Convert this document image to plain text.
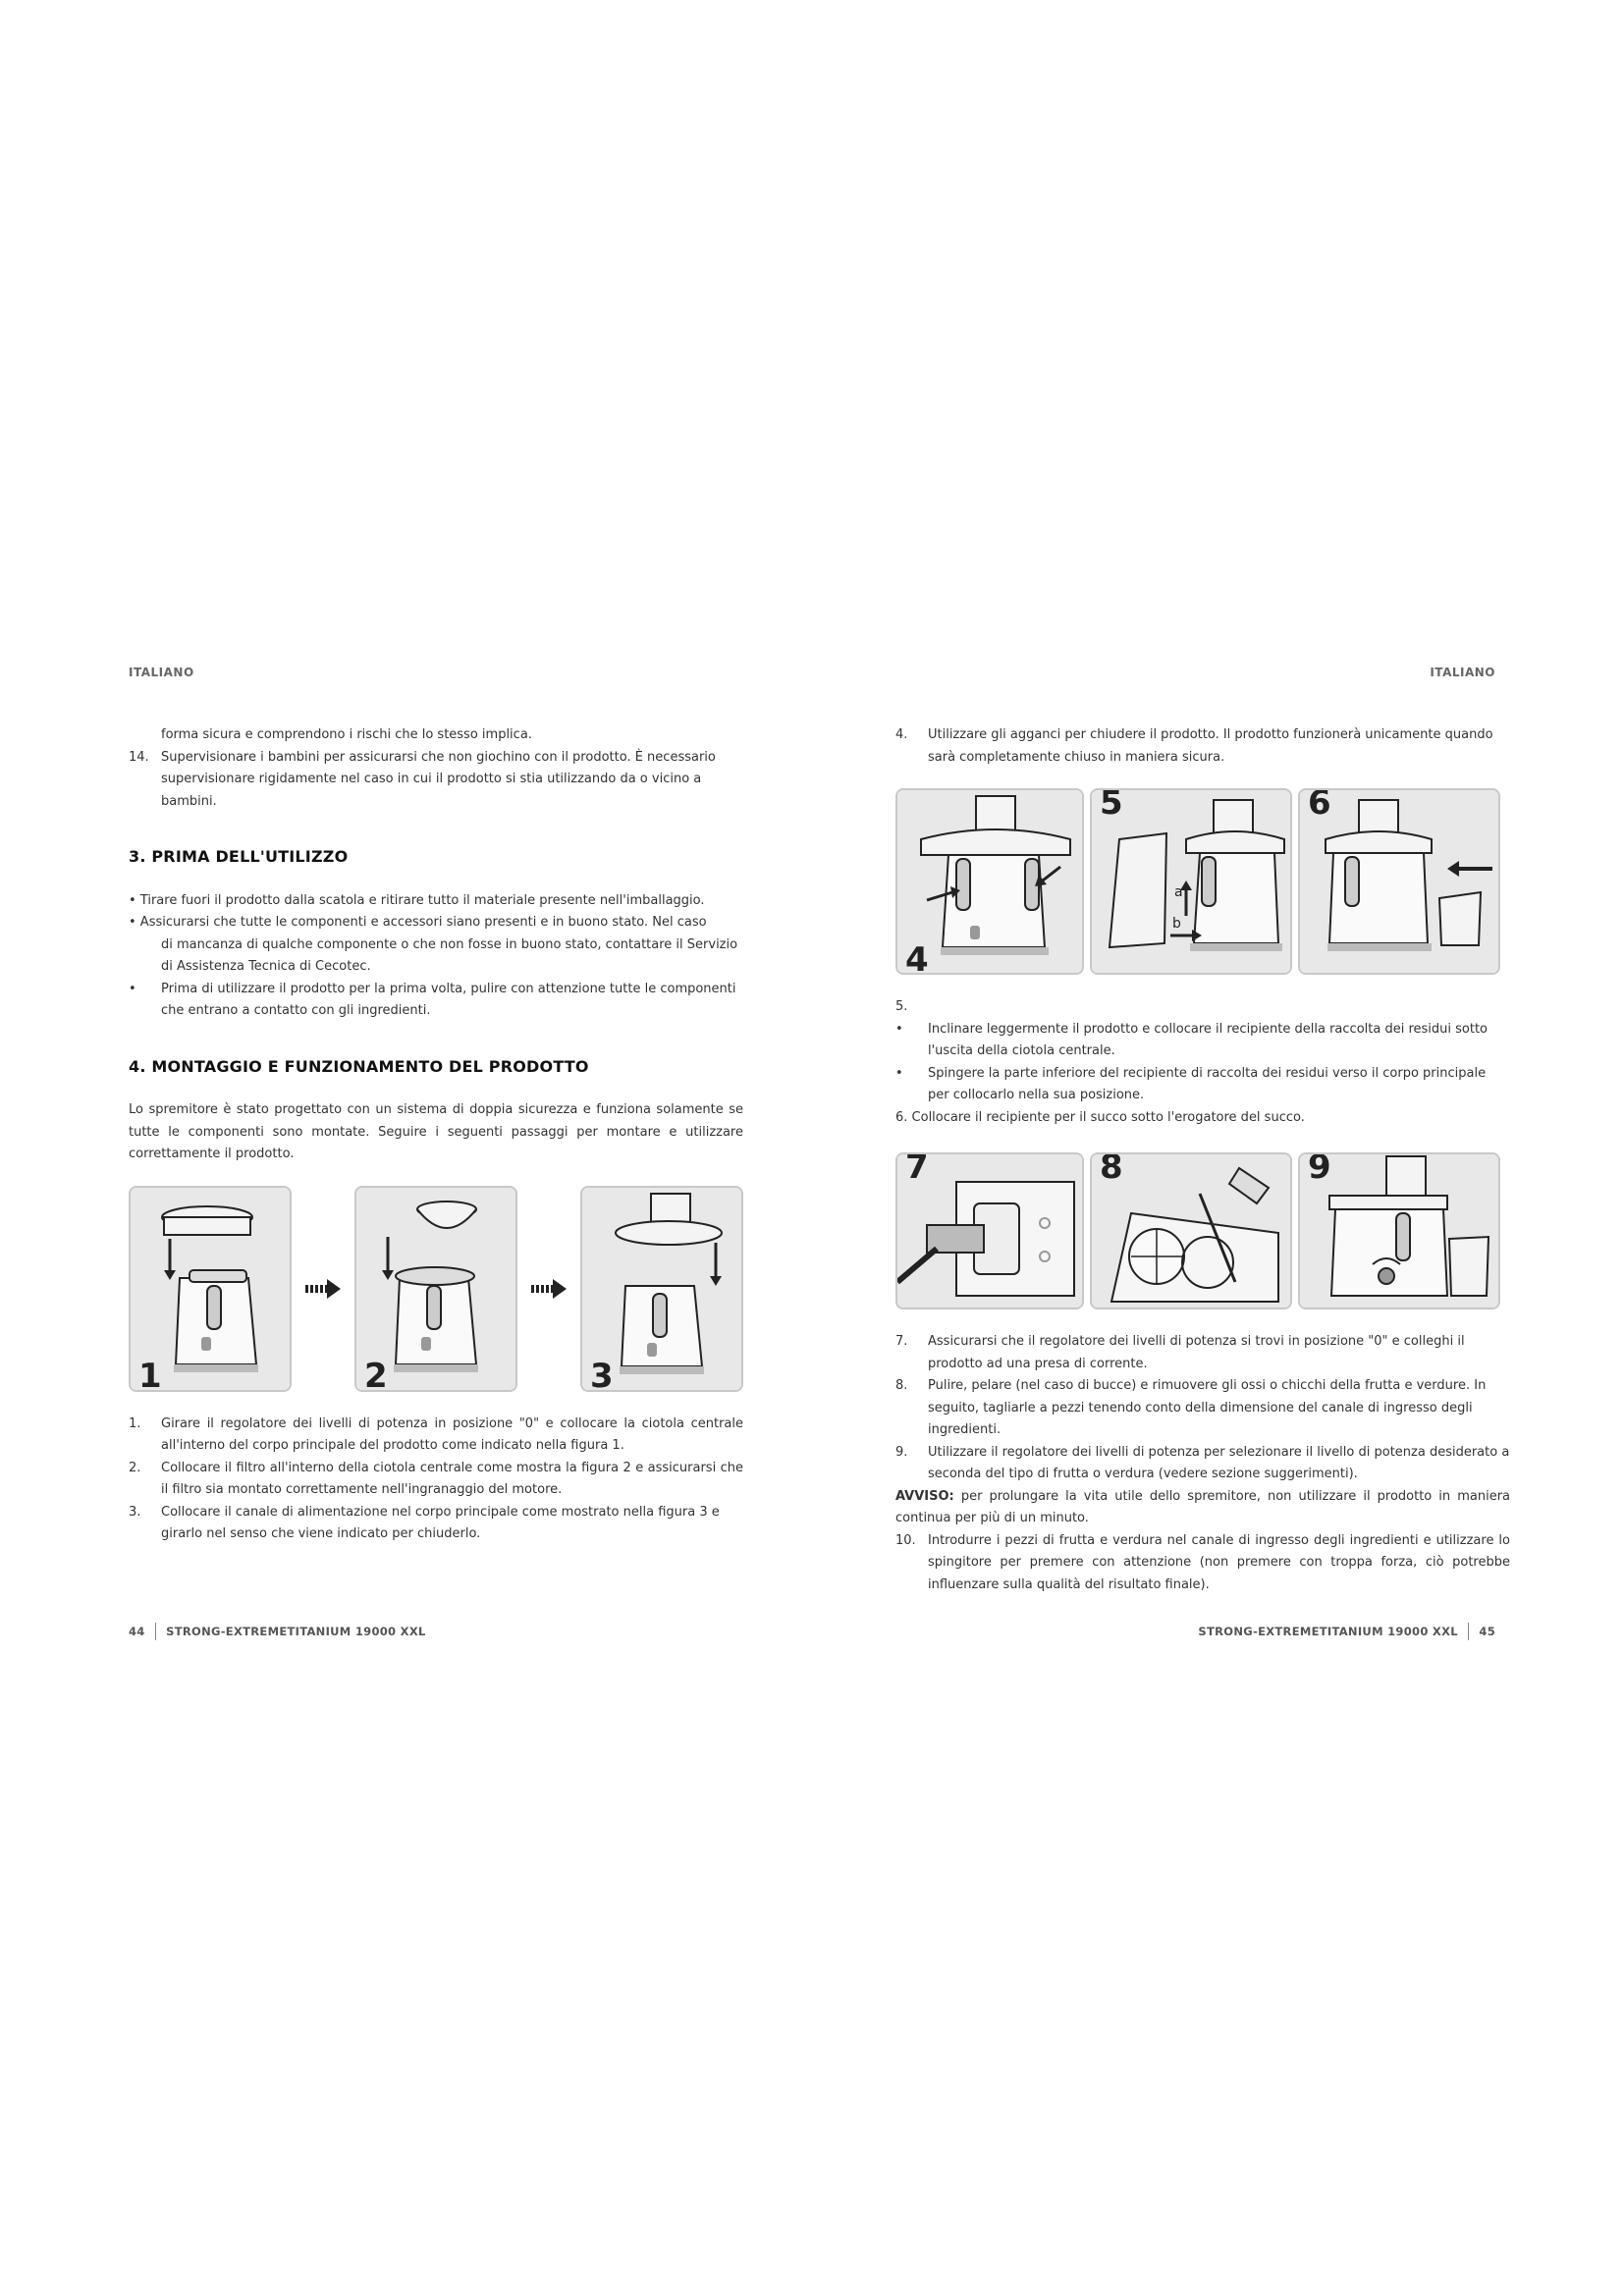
ITALIANO

forma sicura e comprendono i rischi che lo stesso implica.

14. Supervisionare i bambini per assicurarsi che non giochino con il prodotto. È necessario supervisionare rigidamente nel caso in cui il prodotto si stia utilizzando da o vicino a bambini.
3. PRIMA DELL'UTILIZZO

• Tirare fuori il prodotto dalla scatola e ritirare tutto il materiale presente nell'imballaggio.

• Assicurarsi che tutte le componenti e accessori siano presenti e in buono stato. Nel caso

di mancanza di qualche componente o che non fosse in buono stato, contattare il Servizio di Assistenza Tecnica di Cecotec.

•	Prima di utilizzare il prodotto per la prima volta, pulire con attenzione tutte le componenti che entrano a contatto con gli ingredienti.
4. MONTAGGIO E FUNZIONAMENTO DEL PRODOTTO

Lo spremitore è stato progettato con un sistema di doppia sicurezza e funziona solamente se tutte le componenti sono montate. Seguire i seguenti passaggi per montare e utilizzare correttamente il prodotto.

1	2	3
1.	Girare il regolatore dei livelli di potenza in posizione "0" e collocare la ciotola centrale all'interno del corpo principale del prodotto come indicato nella figura 1.
2.	Collocare il filtro all'interno della ciotola centrale come mostra la figura 2 e assicurarsi che il filtro sia montato correttamente nell'ingranaggio del motore.
3.	Collocare il canale di alimentazione nel corpo principale come mostrato nella figura 3 e girarlo nel senso che viene indicato per chiuderlo.
44 STRONG-EXTREMETITANIUM 19000 XXL
ITALIANO
4.	Utilizzare gli agganci per chiudere il prodotto. Il prodotto funzionerà unicamente quando sarà completamente chiuso in maniera sicura.
4
a
b
5	6

5.

•	Inclinare leggermente il prodotto e collocare il recipiente della raccolta dei residui sotto l'uscita della ciotola centrale.
•	Spingere la parte inferiore del recipiente di raccolta dei residui verso il corpo principale per collocarlo nella sua posizione.

6. Collocare il recipiente per il succo sotto l'erogatore del succo.

7	8	9
7.	Assicurarsi che il regolatore dei livelli di potenza si trovi in posizione "0" e colleghi il prodotto ad una presa di corrente.
8.	Pulire, pelare (nel caso di bucce) e rimuovere gli ossi o chicchi della frutta e verdure. In seguito, tagliarle a pezzi tenendo conto della dimensione del canale di ingresso degli ingredienti.
9.	Utilizzare il regolatore dei livelli di potenza per selezionare il livello di potenza desiderato a seconda del tipo di frutta o verdura (vedere sezione suggerimenti).

AVVISO: per prolungare la vita utile dello spremitore, non utilizzare il prodotto in maniera continua per più di un minuto.

10. Introdurre i pezzi di frutta e verdura nel canale di ingresso degli ingredienti e utilizzare lo spingitore per premere con attenzione (non premere con troppa forza, ciò potrebbe influenzare sulla qualità del risultato finale).
STRONG-EXTREMETITANIUM 19000 XXL 45
